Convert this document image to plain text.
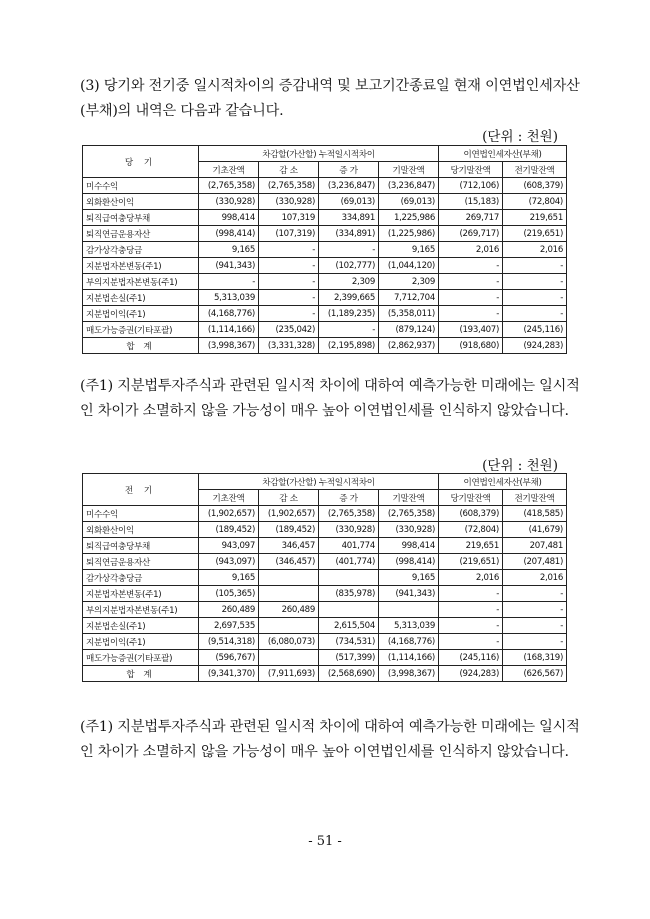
(3) 당기와 전기중 일시적차이의 증감내역 및 보고기간종료일 현재 이연법인세자산(부채)의 내역은 다음과 같습니다.
(단위 : 천원)
당 기	차감할(가산할) 누적일시적차이				이연법인세자산(부채)	
	기초잔액	감 소	증 가	기말잔액	당기말잔액	전기말잔액
미수수익	(2,765,358)	(2,765,358)	(3,236,847)	(3,236,847)	(712,106)	(608,379)
외화환산이익	(330,928)	(330,928)	(69,013)	(69,013)	(15,183)	(72,804)
퇴직급여충당부채	998,414	107,319	334,891	1,225,986	269,717	219,651
퇴직연금운용자산	(998,414)	(107,319)	(334,891)	(1,225,986)	(269,717)	(219,651)
감가상각충당금	9,165	-	-	9,165	2,016	2,016
지분법자본변동(주1)	(941,343)	-	(102,777)	(1,044,120)	-	-
부의지분법자본변동(주1)	-	-	2,309	2,309	-	-
지분법손실(주1)	5,313,039	-	2,399,665	7,712,704	-	-
지분법이익(주1)	(4,168,776)	-	(1,189,235)	(5,358,011)	-	-
매도가능증권(기타포괄)	(1,114,166)	(235,042)	-	(879,124)	(193,407)	(245,116)
합 계	(3,998,367)	(3,331,328)	(2,195,898)	(2,862,937)	(918,680)	(924,283)
(주1) 지분법투자주식과 관련된 일시적 차이에 대하여 예측가능한 미래에는 일시적인 차이가 소멸하지 않을 가능성이 매우 높아 이연법인세를 인식하지 않았습니다.
(단위 : 천원)
전 기	차감할(가산할) 누적일시적차이				이연법인세자산(부채)	
	기초잔액	감 소	증 가	기말잔액	당기말잔액	전기말잔액
미수수익	(1,902,657)	(1,902,657)	(2,765,358)	(2,765,358)	(608,379)	(418,585)
외화환산이익	(189,452)	(189,452)	(330,928)	(330,928)	(72,804)	(41,679)
퇴직급여충당부채	943,097	346,457	401,774	998,414	219,651	207,481
퇴직연금운용자산	(943,097)	(346,457)	(401,774)	(998,414)	(219,651)	(207,481)
감가상각충당금	9,165			9,165	2,016	2,016
지분법자본변동(주1)	(105,365)		(835,978)	(941,343)	-	-
부의지분법자본변동(주1)	260,489	260,489			-	-
지분법손실(주1)	2,697,535		2,615,504	5,313,039	-	-
지분법이익(주1)	(9,514,318)	(6,080,073)	(734,531)	(4,168,776)	-	-
매도가능증권(기타포괄)	(596,767)		(517,399)	(1,114,166)	(245,116)	(168,319)
합 계	(9,341,370)	(7,911,693)	(2,568,690)	(3,998,367)	(924,283)	(626,567)
(주1) 지분법투자주식과 관련된 일시적 차이에 대하여 예측가능한 미래에는 일시적인 차이가 소멸하지 않을 가능성이 매우 높아 이연법인세를 인식하지 않았습니다.
- 51 -
